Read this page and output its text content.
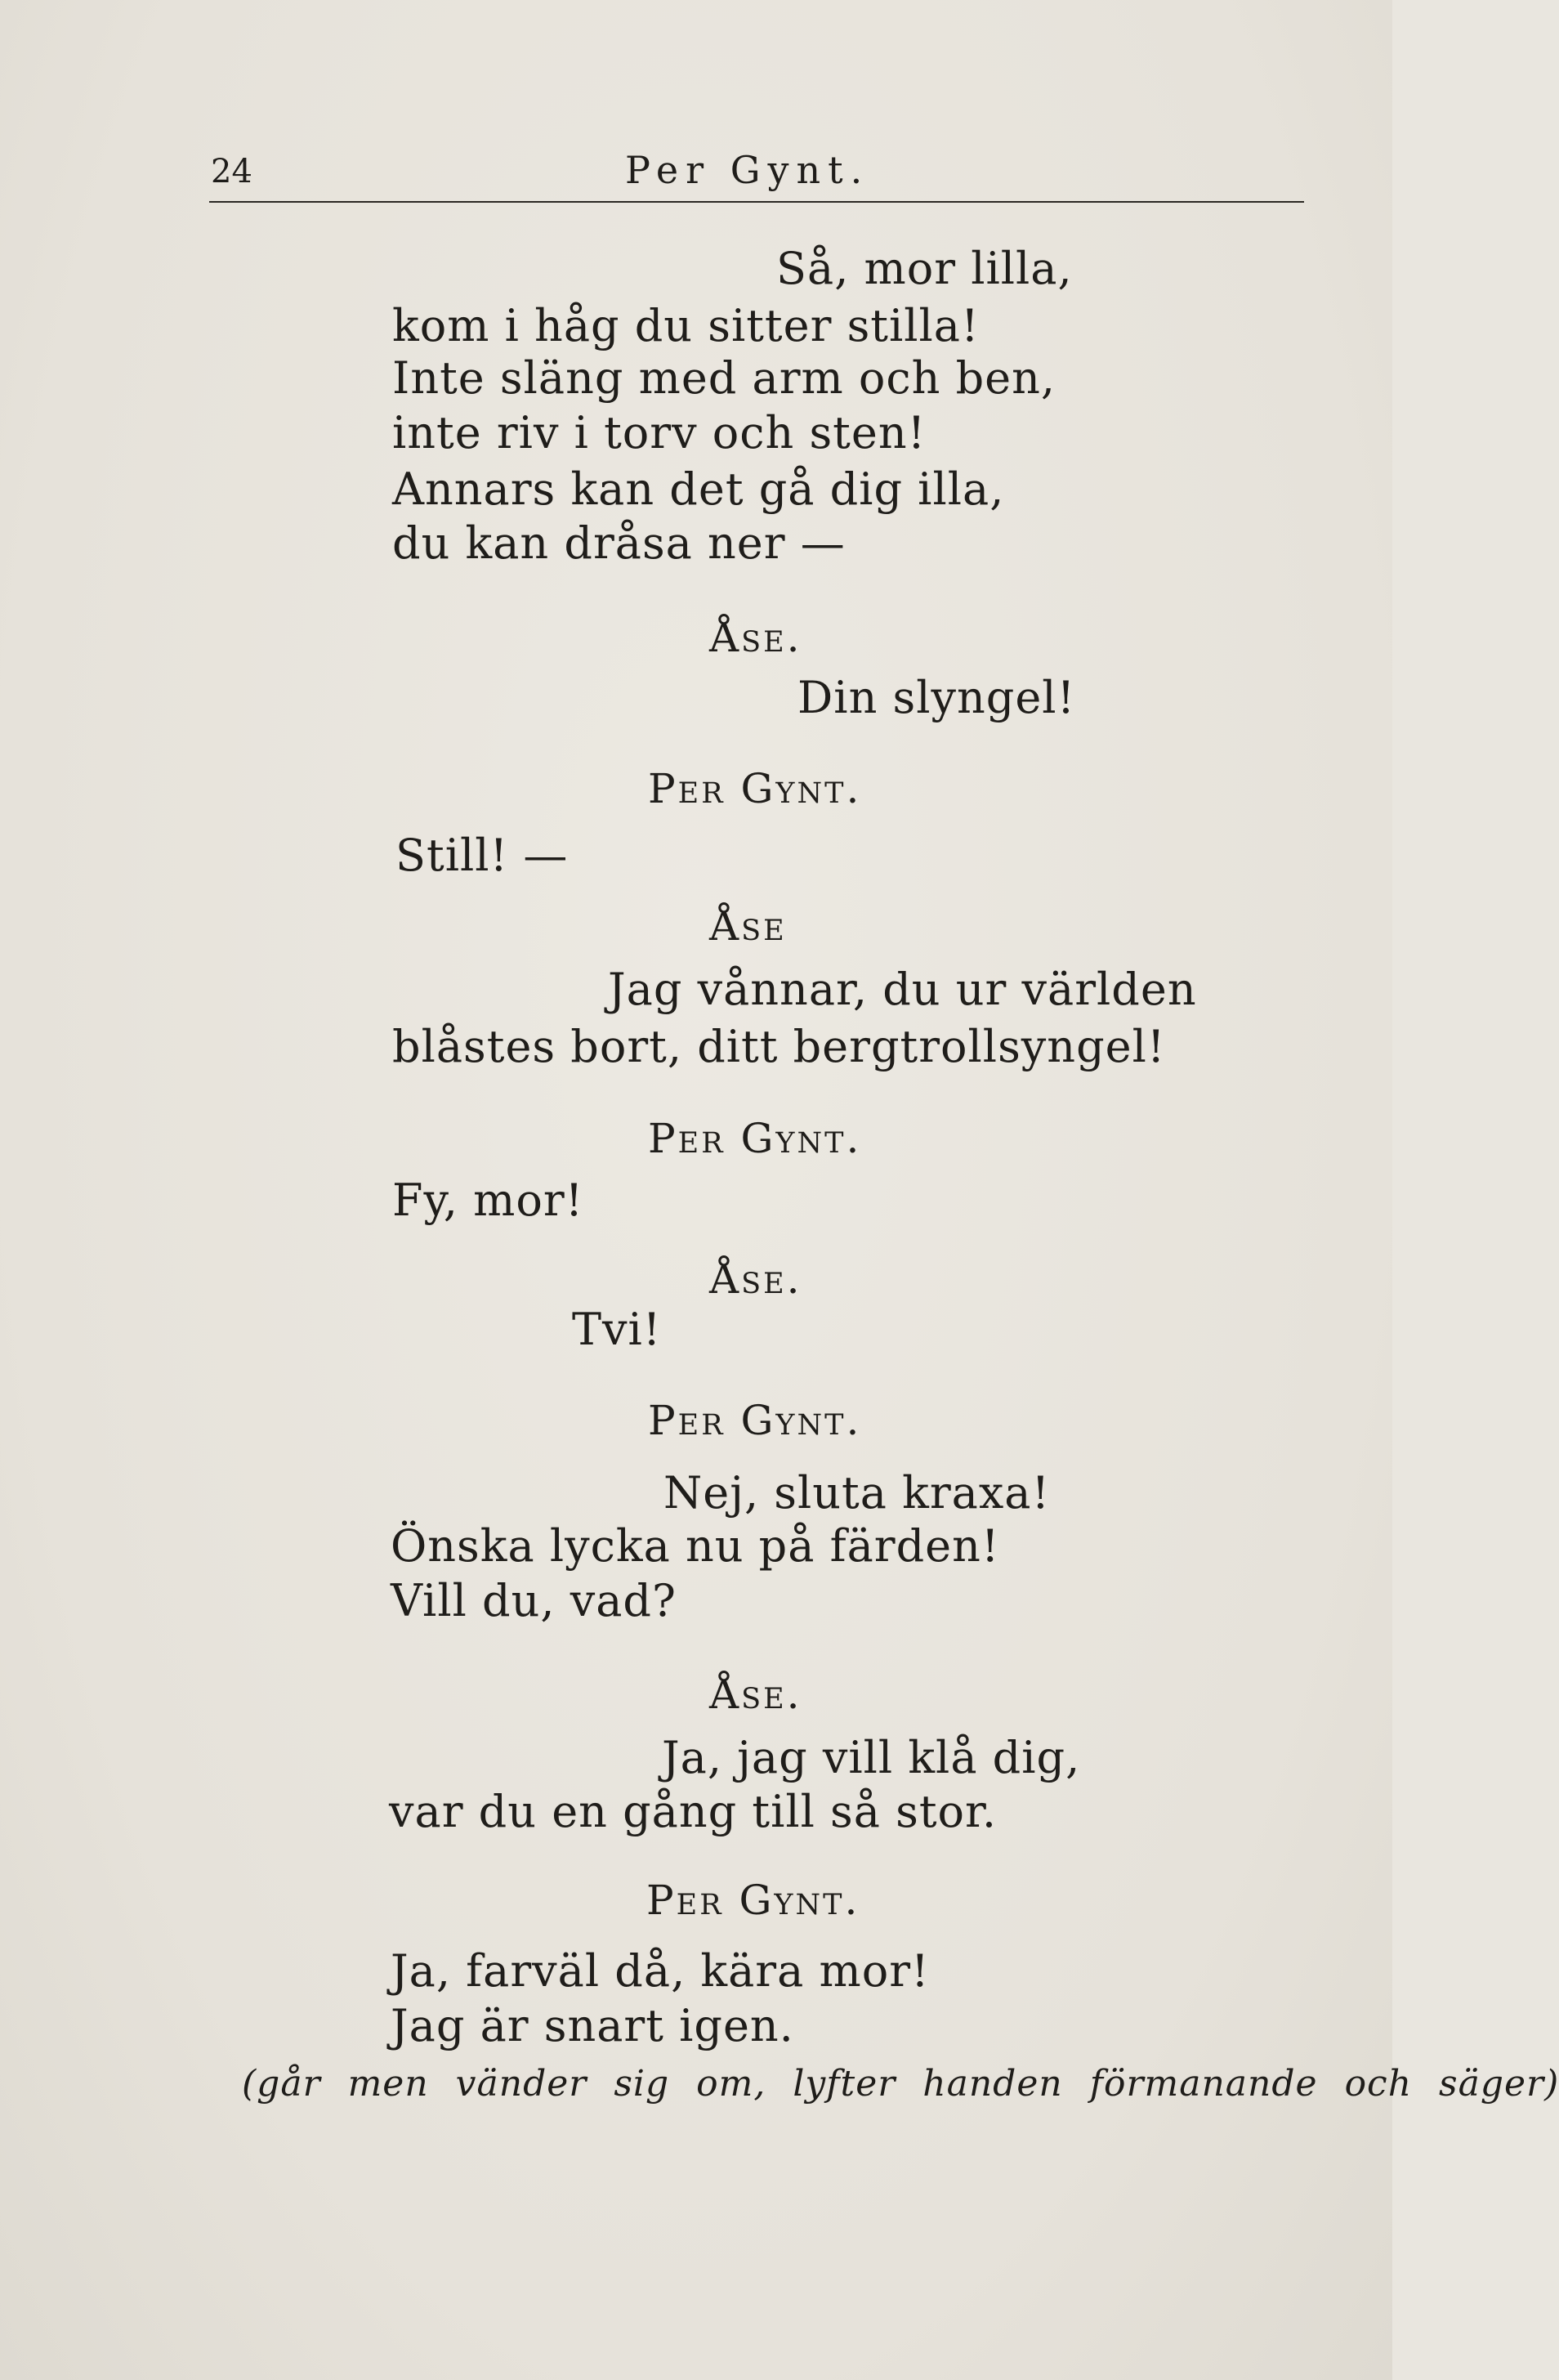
24	Per Gynt.
Så, mor lilla,
kom i håg du sitter stilla!
Inte släng med arm och ben,
inte riv i torv och sten!
Annars kan det gå dig illa,
du kan dråsa ner —
Åse.
Din slyngel!
Per Gynt.
Still! —
Åse
Jag vånnar, du ur världen
blåstes bort, ditt bergtrollsyngel!
Per Gynt.
Fy, mor!
Åse.
Tvi!
Per Gynt.
Nej, sluta kraxa!
Önska lycka nu på färden!
Vill du, vad?
Åse.
Ja, jag vill klå dig,
var du en gång till så stor.
Per Gynt.
Ja, farväl då, kära mor!
Jag är snart igen.
(går men vänder sig om, lyfter handen förmanande och säger)
